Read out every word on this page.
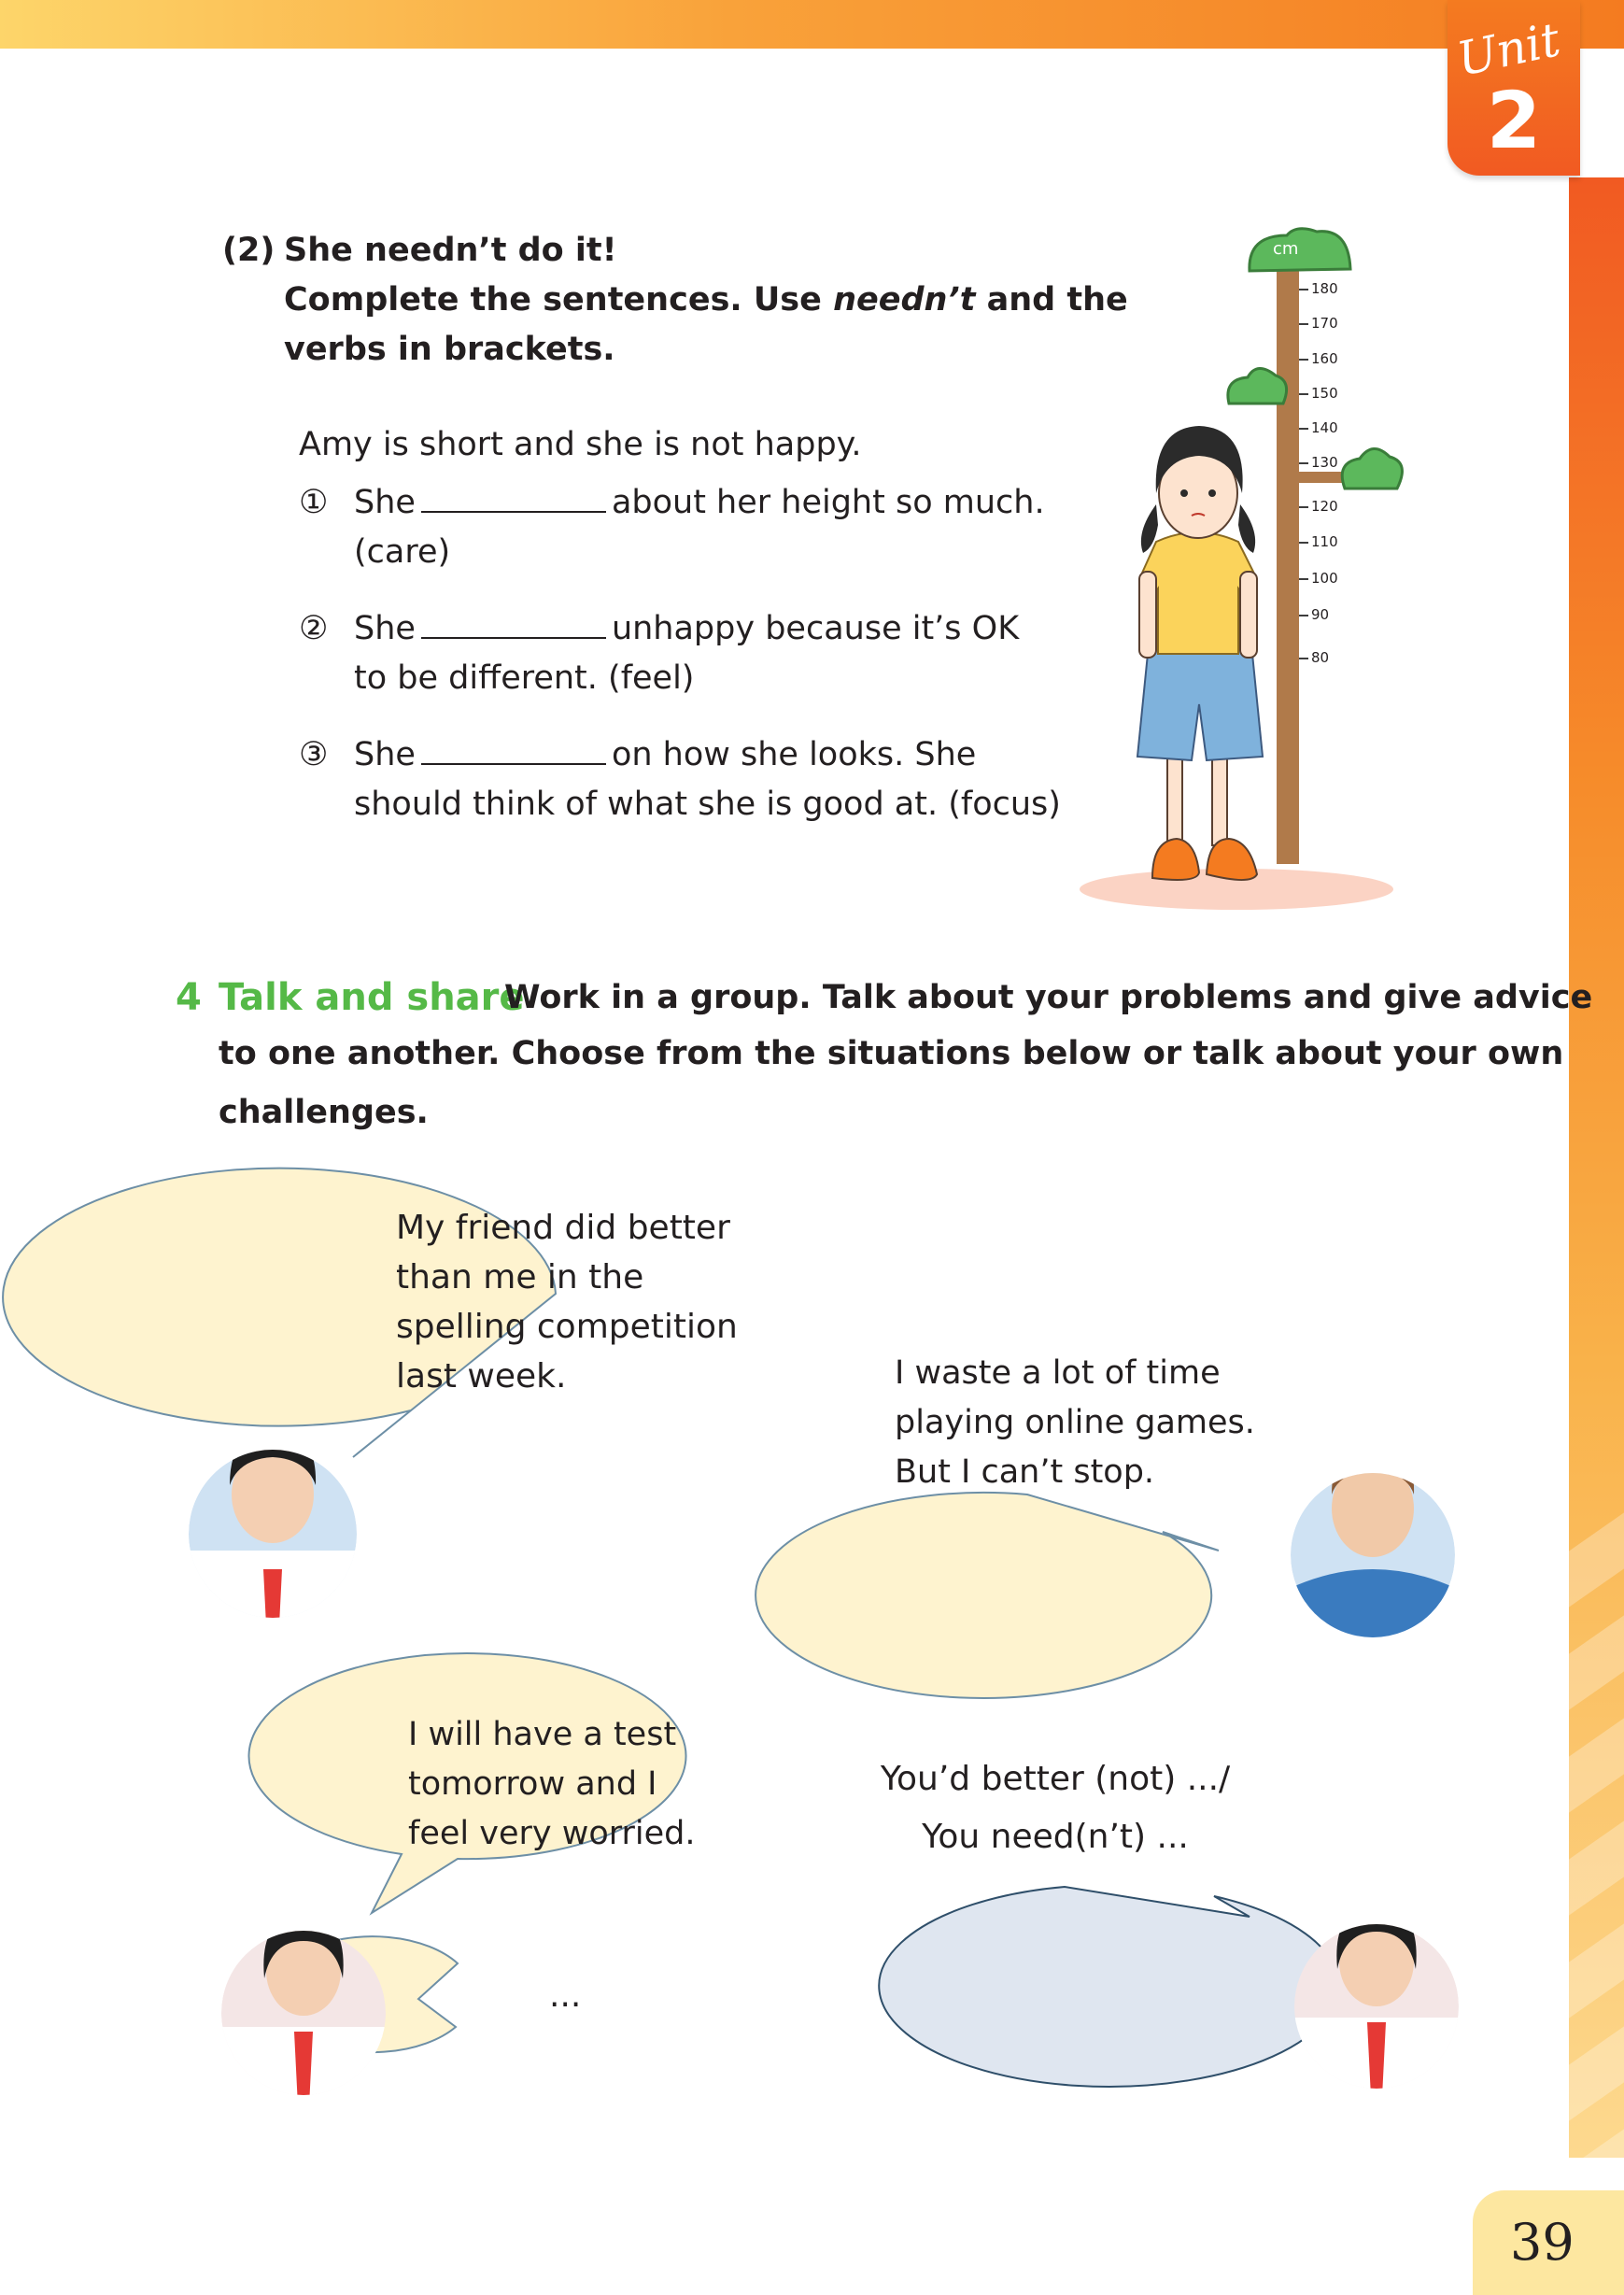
Unit
2
(2) She needn’t do it!
Complete the sentences. Use needn’t and the
verbs in brackets.
Amy is short and she is not happy.
① She	about her height so much.
(care)
② She	unhappy because it’s OK
to be different. (feel)
③ She	on how she looks. She
should think of what she is good at. (focus)
cm
180
170
160
150
140
130
120
110
100
90
80
4 Talk and share
Work in a group. Talk about your problems and give advice
to one another. Choose from the situations below or talk about your own
challenges.
My friend did better
than me in the
spelling competition
last week.	I waste a lot of time
playing online games.
But I can’t stop.
I will have a test
tomorrow and I
feel very worried.
...
You’d better (not) .../
You need(n’t) ...
39
